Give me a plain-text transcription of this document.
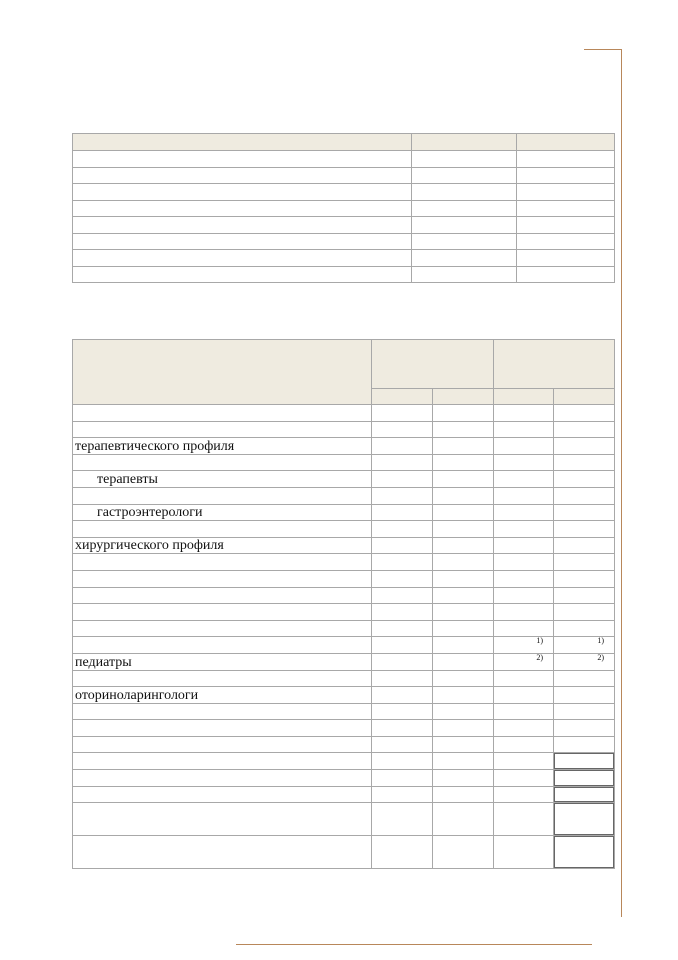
терапевтического профиля				

терапевты				

гастроэнтерологи				

хирургического профиля				

			1)	1)
педиатры			2)	2)

оториноларингологи				
